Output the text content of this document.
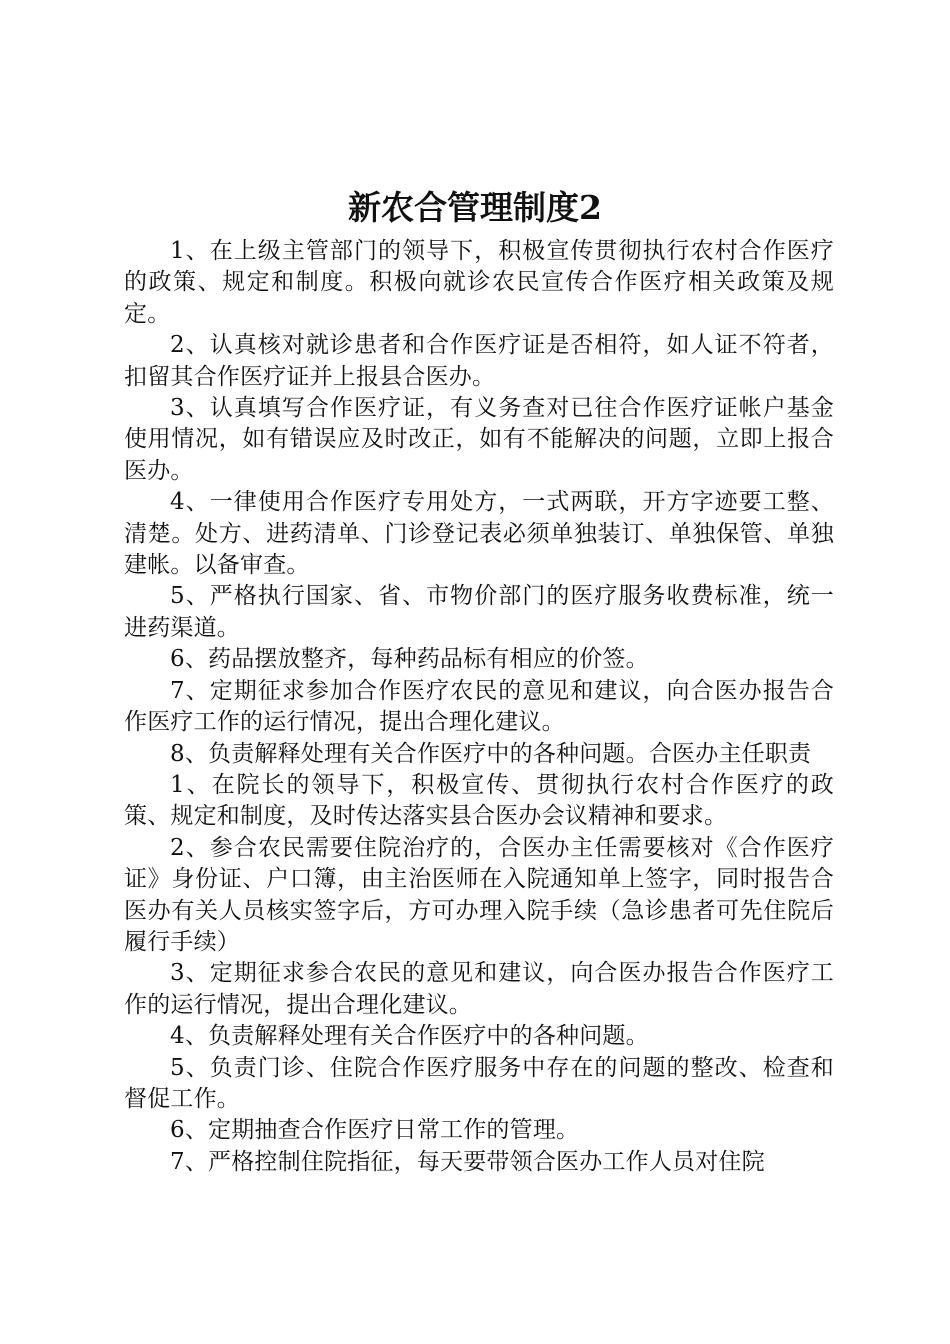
新农合管理制度2

1、在上级主管部门的领导下，积极宣传贯彻执行农村合作医疗的政策、规定和制度。积极向就诊农民宣传合作医疗相关政策及规定。

2、认真核对就诊患者和合作医疗证是否相符，如人证不符者，扣留其合作医疗证并上报县合医办。

3、认真填写合作医疗证，有义务查对已往合作医疗证帐户基金使用情况，如有错误应及时改正，如有不能解决的问题，立即上报合医办。

4、一律使用合作医疗专用处方，一式两联，开方字迹要工整、清楚。处方、进药清单、门诊登记表必须单独装订、单独保管、单独建帐。以备审查。

5、严格执行国家、省、市物价部门的医疗服务收费标准，统一进药渠道。

6、药品摆放整齐，每种药品标有相应的价签。

7、定期征求参加合作医疗农民的意见和建议，向合医办报告合作医疗工作的运行情况，提出合理化建议。

8、负责解释处理有关合作医疗中的各种问题。合医办主任职责

1、在院长的领导下，积极宣传、贯彻执行农村合作医疗的政策、规定和制度，及时传达落实县合医办会议精神和要求。

2、参合农民需要住院治疗的，合医办主任需要核对《合作医疗证》身份证、户口簿，由主治医师在入院通知单上签字，同时报告合医办有关人员核实签字后，方可办理入院手续（急诊患者可先住院后履行手续）

3、定期征求参合农民的意见和建议，向合医办报告合作医疗工作的运行情况，提出合理化建议。

4、负责解释处理有关合作医疗中的各种问题。

5、负责门诊、住院合作医疗服务中存在的问题的整改、检查和督促工作。

6、定期抽查合作医疗日常工作的管理。

7、严格控制住院指征，每天要带领合医办工作人员对住院
